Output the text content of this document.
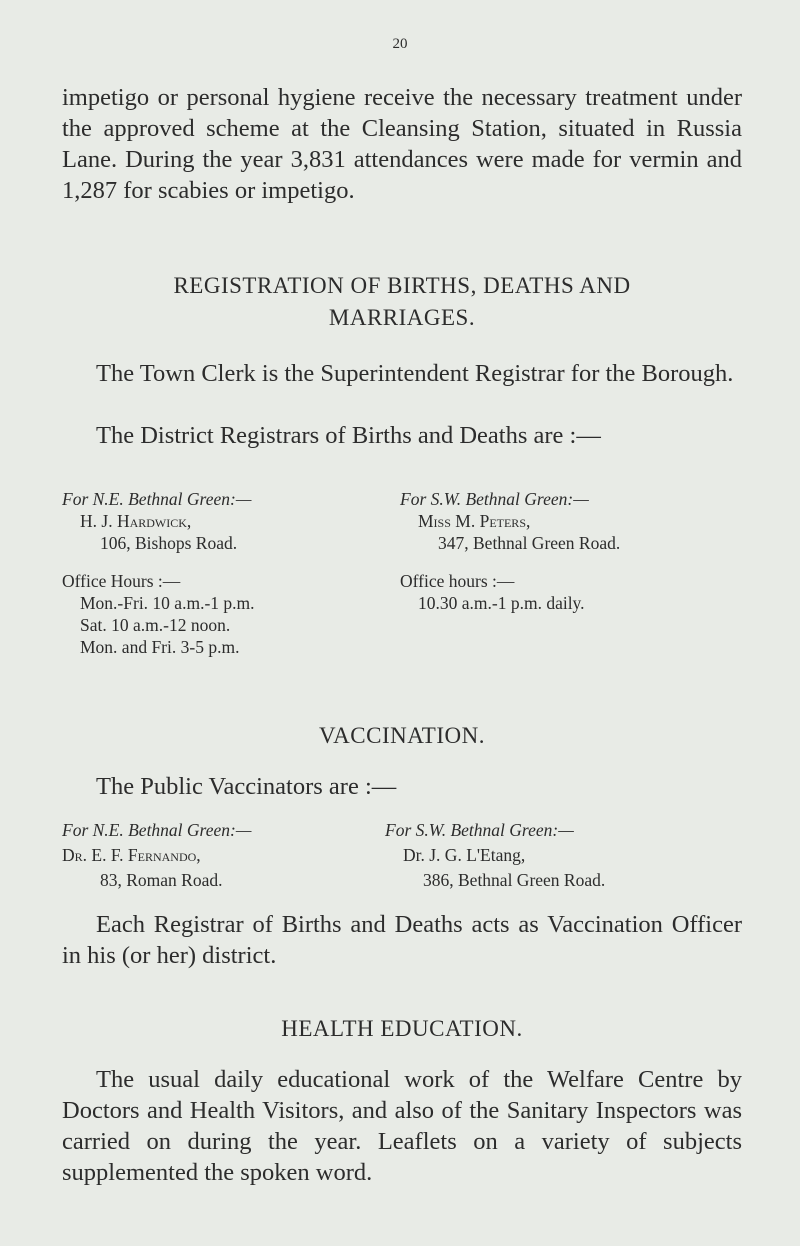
20
impetigo or personal hygiene receive the necessary treatment under the approved scheme at the Cleansing Station, situated in Russia Lane. During the year 3,831 attendances were made for vermin and 1,287 for scabies or impetigo.
REGISTRATION OF BIRTHS, DEATHS AND
MARRIAGES.
The Town Clerk is the Superintendent Registrar for the Borough.
The District Registrars of Births and Deaths are :—
For N.E. Bethnal Green:—
H. J. Hardwick,
106, Bishops Road.
Office Hours :—
Mon.-Fri. 10 a.m.-1 p.m.
Sat. 10 a.m.-12 noon.
Mon. and Fri. 3-5 p.m.
For S.W. Bethnal Green:—
Miss M. Peters,
347, Bethnal Green Road.
Office hours :—
10.30 a.m.-1 p.m. daily.
VACCINATION.
The Public Vaccinators are :—
For N.E. Bethnal Green:—
Dr. E. F. Fernando,
83, Roman Road.
For S.W. Bethnal Green:—
Dr. J. G. L'Etang,
386, Bethnal Green Road.
Each Registrar of Births and Deaths acts as Vaccination Officer in his (or her) district.
HEALTH EDUCATION.
The usual daily educational work of the Welfare Centre by Doctors and Health Visitors, and also of the Sanitary Inspectors was carried on during the year. Leaflets on a variety of subjects supplemented the spoken word.
